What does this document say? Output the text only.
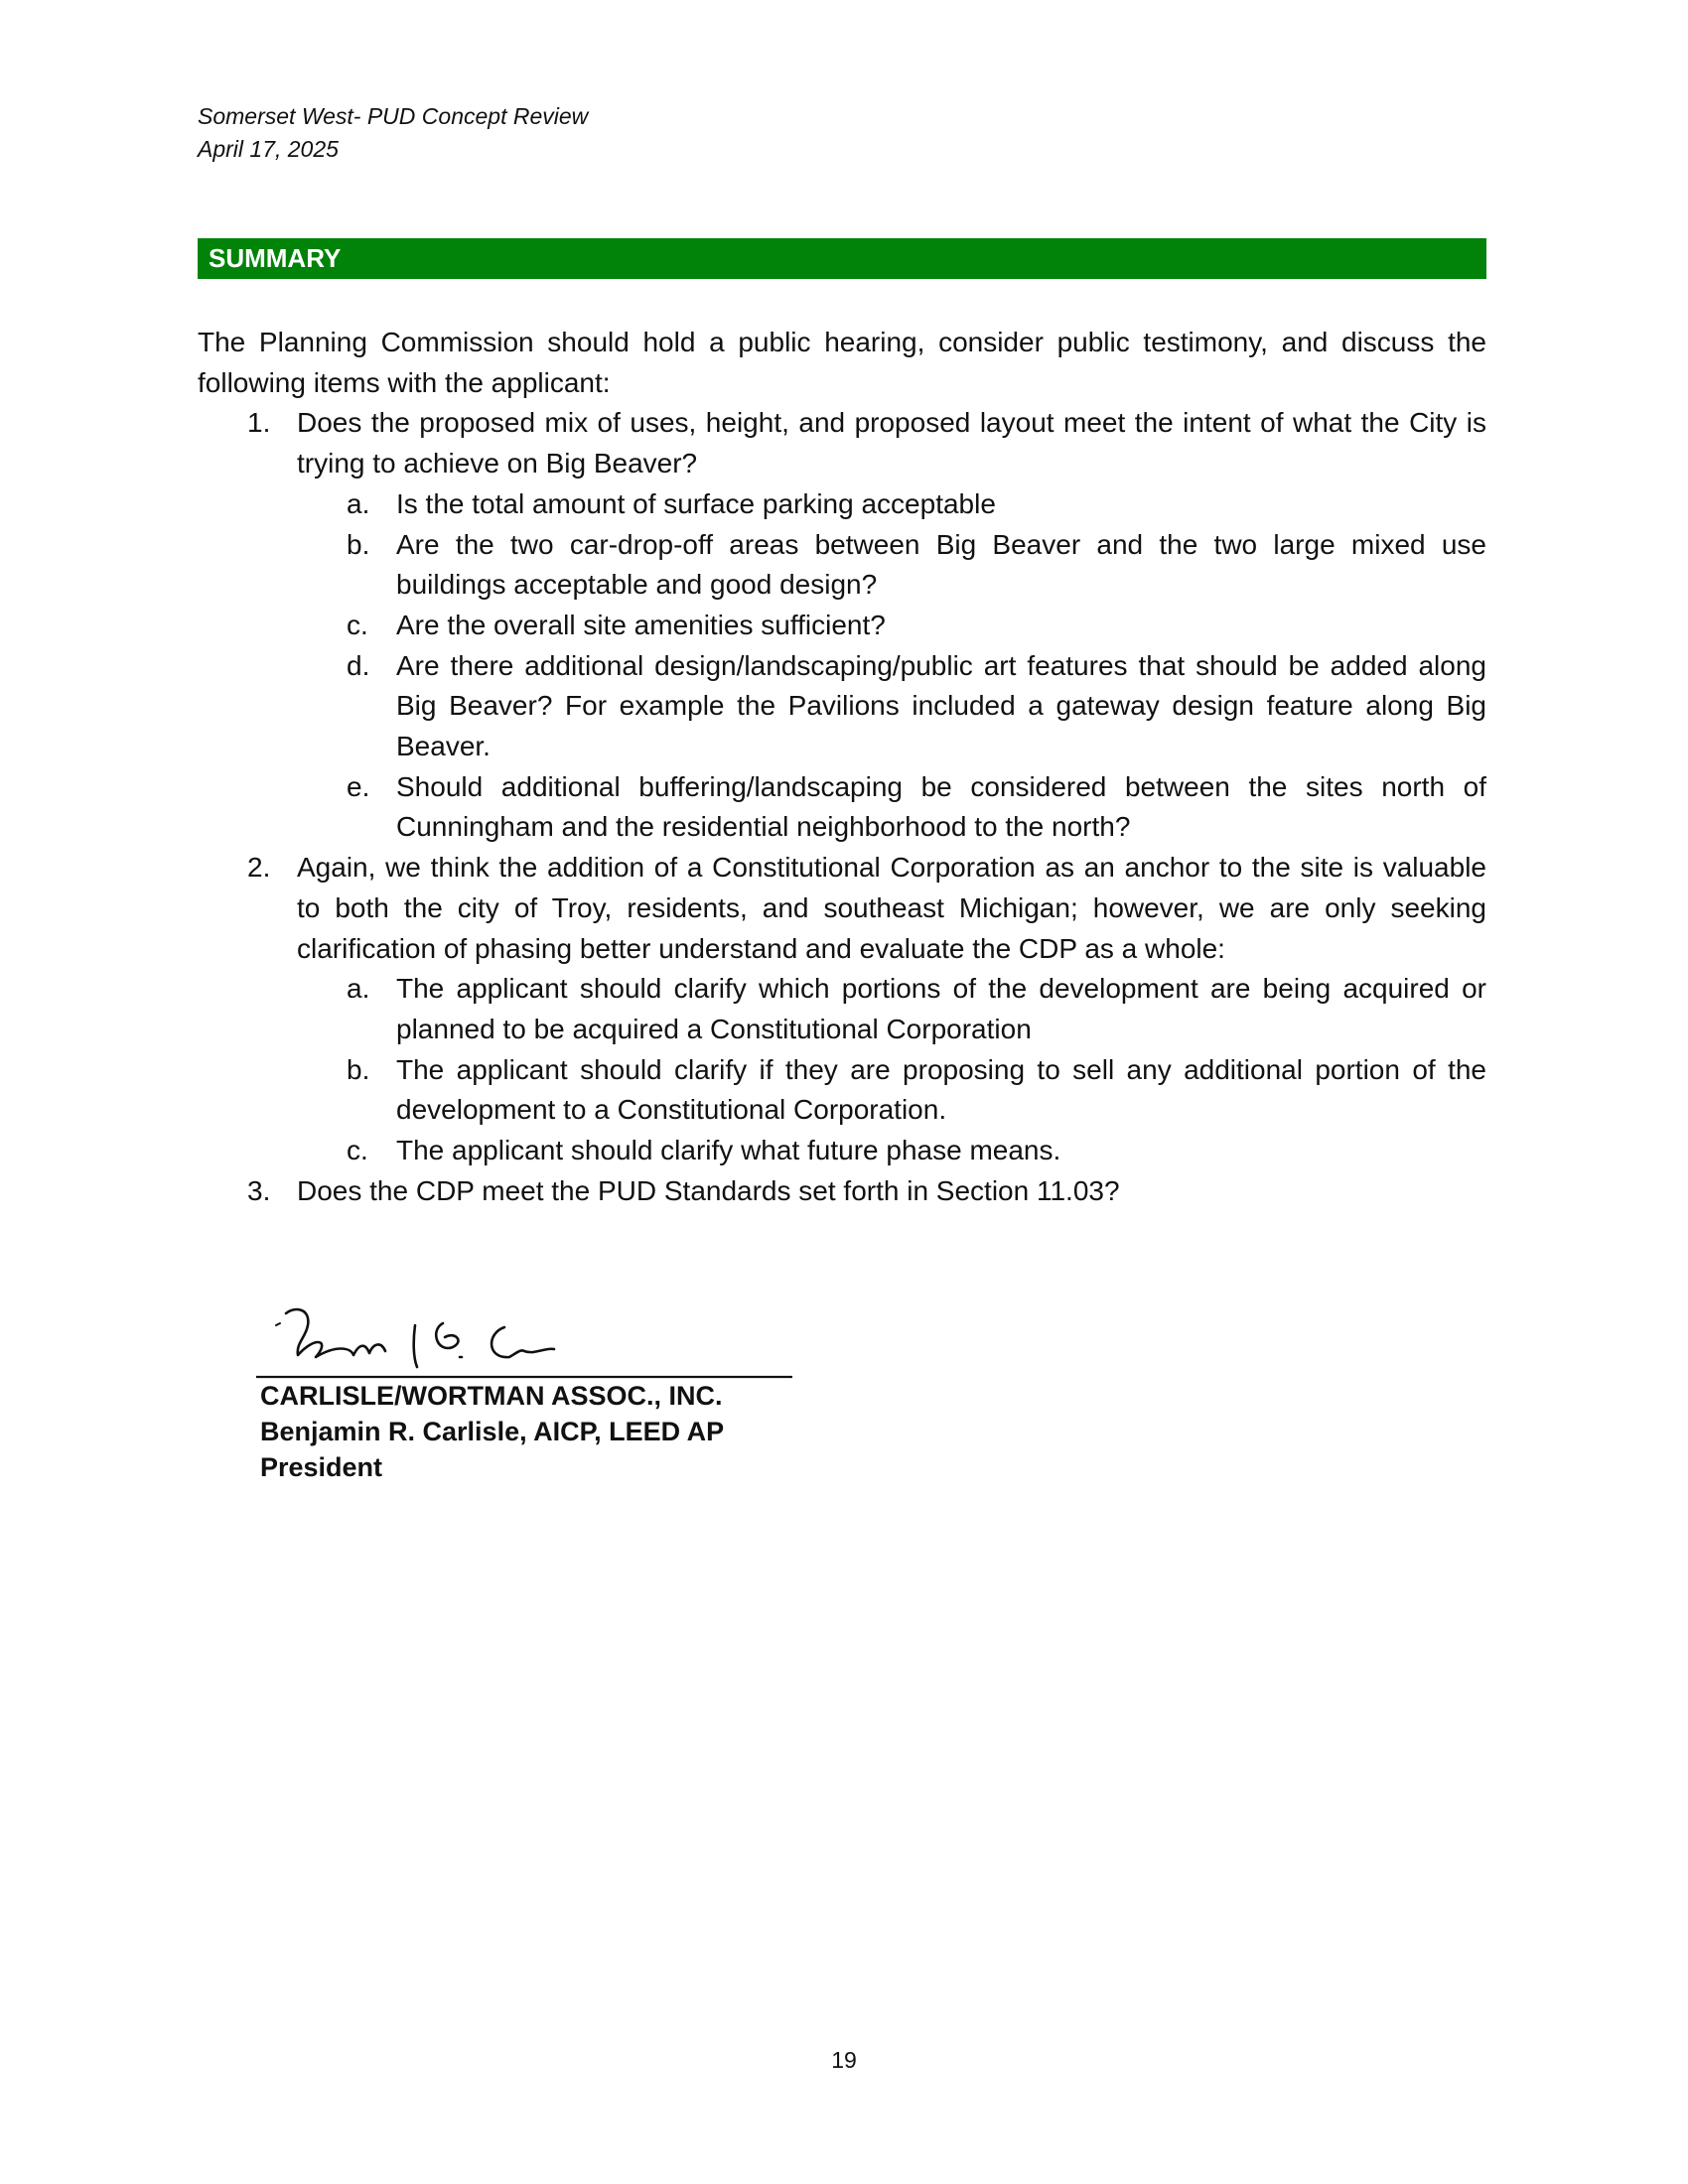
Somerset West- PUD Concept Review
April 17, 2025
SUMMARY

The Planning Commission should hold a public hearing, consider public testimony, and discuss the following items with the applicant:

1. Does the proposed mix of uses, height, and proposed layout meet the intent of what the City is trying to achieve on Big Beaver?
a. Is the total amount of surface parking acceptable
b. Are the two car-drop-off areas between Big Beaver and the two large mixed use buildings acceptable and good design?
c. Are the overall site amenities sufficient?
d. Are there additional design/landscaping/public art features that should be added along Big Beaver? For example the Pavilions included a gateway design feature along Big Beaver.
e. Should additional buffering/landscaping be considered between the sites north of Cunningham and the residential neighborhood to the north?
2. Again, we think the addition of a Constitutional Corporation as an anchor to the site is valuable to both the city of Troy, residents, and southeast Michigan; however, we are only seeking clarification of phasing better understand and evaluate the CDP as a whole:
a. The applicant should clarify which portions of the development are being acquired or planned to be acquired a Constitutional Corporation
b. The applicant should clarify if they are proposing to sell any additional portion of the development to a Constitutional Corporation.
c. The applicant should clarify what future phase means.
3. Does the CDP meet the PUD Standards set forth in Section 11.03?
CARLISLE/WORTMAN ASSOC., INC.
Benjamin R. Carlisle, AICP, LEED AP
President
19
